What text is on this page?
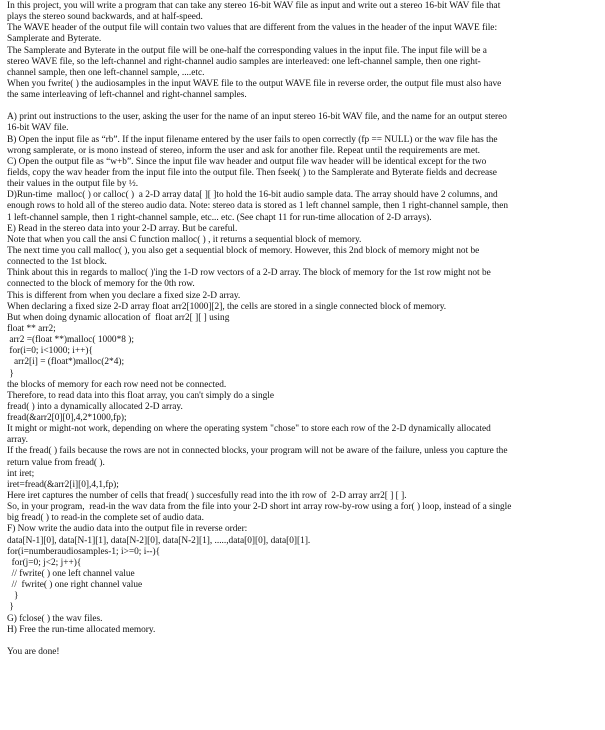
In this project, you will write a program that can take any stereo 16-bit WAV file as input and write out a stereo 16-bit WAV file that
plays the stereo sound backwards, and at half-speed.
The WAVE header of the output file will contain two values that are different from the values in the header of the input WAVE file:
Samplerate and Byterate.
The Samplerate and Byterate in the output file will be one-half the corresponding values in the input file. The input file will be a
stereo WAVE file, so the left-channel and right-channel audio samples are interleaved: one left-channel sample, then one right-
channel sample, then one left-channel sample, ....etc.
When you fwrite( ) the audiosamples in the input WAVE file to the output WAVE file in reverse order, the output file must also have
the same interleaving of left-channel and right-channel samples.
A) print out instructions to the user, asking the user for the name of an input stereo 16-bit WAV file, and the name for an output stereo
16-bit WAV file.
B) Open the input file as “rb”. If the input filename entered by the user fails to open correctly (fp == NULL) or the wav file has the
wrong samplerate, or is mono instead of stereo, inform the user and ask for another file. Repeat until the requirements are met.
C) Open the output file as “w+b”. Since the input file wav header and output file wav header will be identical except for the two
fields, copy the wav header from the input file into the output file. Then fseek( ) to the Samplerate and Byterate fields and decrease
their values in the output file by ½.
D)Run-time  malloc( ) or calloc( )  a 2-D array data[ ][ ]to hold the 16-bit audio sample data. The array should have 2 columns, and
enough rows to hold all of the stereo audio data. Note: stereo data is stored as 1 left channel sample, then 1 right-channel sample, then
1 left-channel sample, then 1 right-channel sample, etc... etc. (See chapt 11 for run-time allocation of 2-D arrays).
E) Read in the stereo data into your 2-D array. But be careful.
Note that when you call the ansi C function malloc( ) , it returns a sequential block of memory.
The next time you call malloc( ), you also get a sequential block of memory. However, this 2nd block of memory might not be
connected to the 1st block.
Think about this in regards to malloc( )'ing the 1-D row vectors of a 2-D array. The block of memory for the 1st row might not be
connected to the block of memory for the 0th row.
This is different from when you declare a fixed size 2-D array.
When declaring a fixed size 2-D array float arr2[1000][2], the cells are stored in a single connected block of memory.
But when doing dynamic allocation of  float arr2[ ][ ] using
float ** arr2;
arr2 =(float **)malloc( 1000*8 );
for(i=0; i<1000; i++){
arr2[i] = (float*)malloc(2*4);
}
the blocks of memory for each row need not be connected.
Therefore, to read data into this float array, you can't simply do a single
fread( ) into a dynamically allocated 2-D array.
fread(&arr2[0][0],4,2*1000,fp);
It might or might-not work, depending on where the operating system "chose" to store each row of the 2-D dynamically allocated
array.
If the fread( ) fails because the rows are not in connected blocks, your program will not be aware of the failure, unless you capture the
return value from fread( ).
int iret;
iret=fread(&arr2[i][0],4,1,fp);
Here iret captures the number of cells that fread( ) succesfully read into the ith row of  2-D array arr2[ ] [ ].
So, in your program,  read-in the wav data from the file into your 2-D short int array row-by-row using a for( ) loop, instead of a single
big fread( ) to read-in the complete set of audio data.
F) Now write the audio data into the output file in reverse order:
data[N-1][0], data[N-1][1], data[N-2][0], data[N-2][1], .....,data[0][0], data[0][1].
for(i=numberaudiosamples-1; i>=0; i--){
for(j=0; j<2; j++){
// fwrite( ) one left channel value
//  fwrite( ) one right channel value
}
}
G) fclose( ) the wav files.
H) Free the run-time allocated memory.
You are done!
